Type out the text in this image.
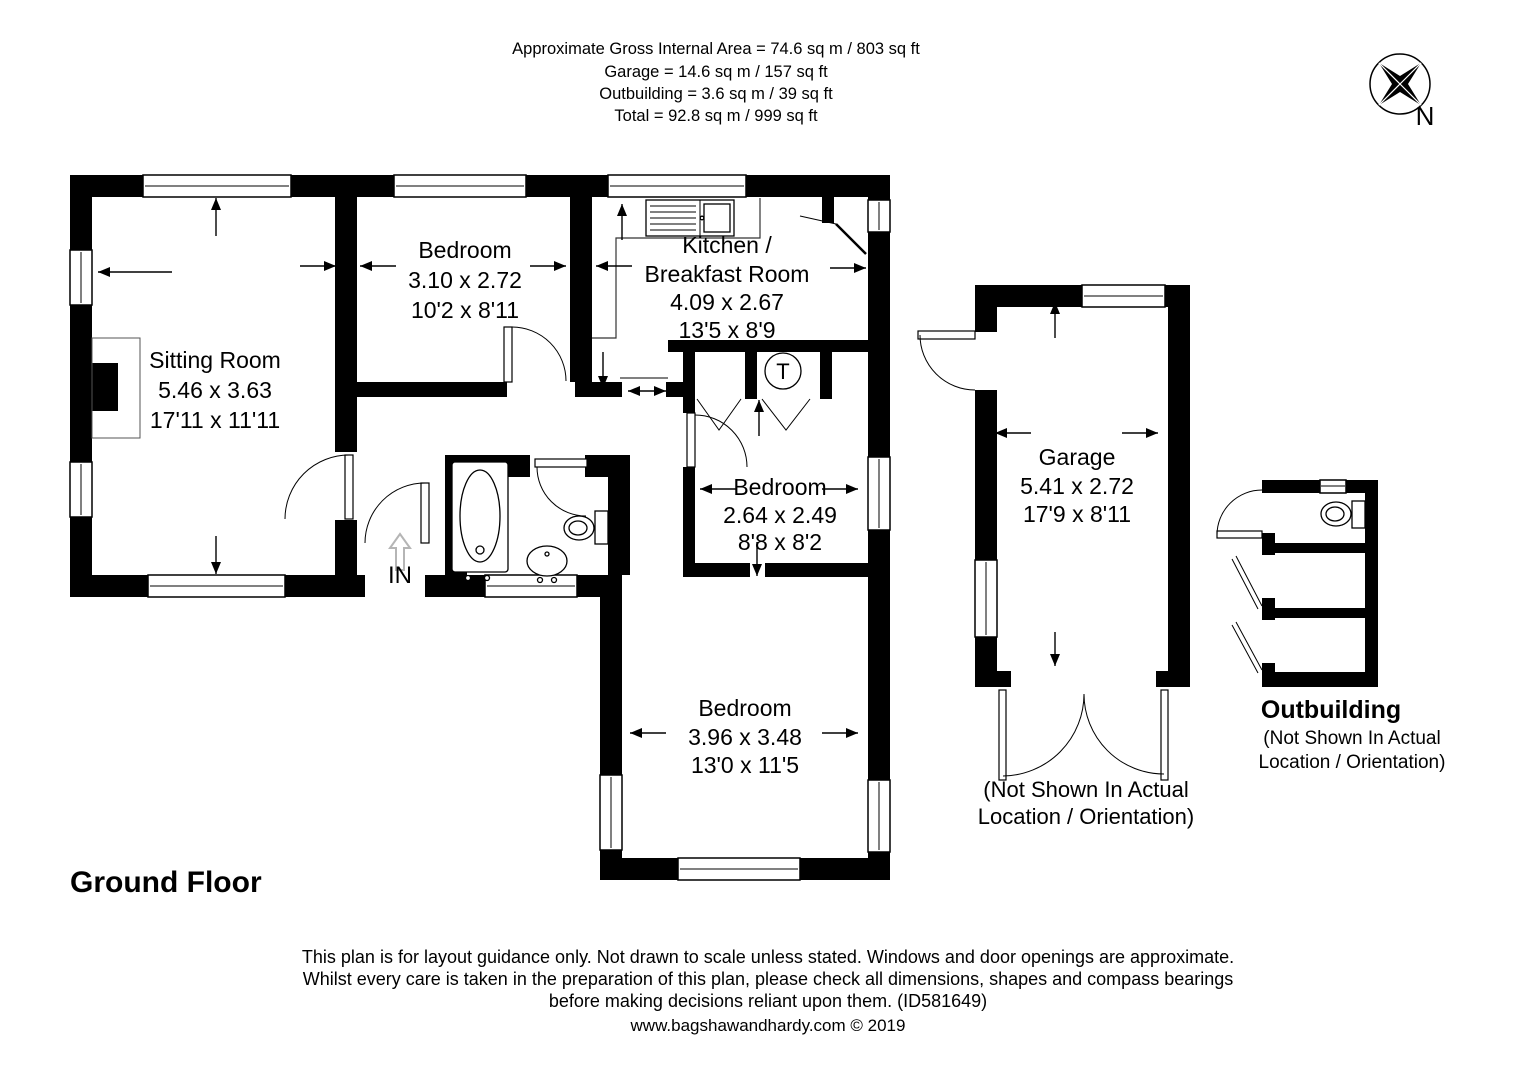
T
N
Approximate Gross Internal Area = 74.6 sq m / 803 sq ft
Garage = 14.6 sq m / 157 sq ft
Outbuilding = 3.6 sq m / 39 sq ft
Total = 92.8 sq m / 999 sq ft
Sitting Room
5.46 x 3.63
17'11 x 11'11
Bedroom
3.10 x 2.72
10'2 x 8'11
Kitchen /
Breakfast Room
4.09 x 2.67
13'5 x 8'9
Bedroom
2.64 x 2.49
8'8 x 8'2
Bedroom
3.96 x 3.48
13'0 x 11'5
Garage
5.41 x 2.72
17'9 x 8'11
(Not Shown In Actual
Location / Orientation)
Outbuilding
(Not Shown In Actual
Location / Orientation)
Ground Floor
IN
This plan is for layout guidance only. Not drawn to scale unless stated. Windows and door openings are approximate.
Whilst every care is taken in the preparation of this plan, please check all dimensions, shapes and compass bearings
before making decisions reliant upon them. (ID581649)
www.bagshawandhardy.com © 2019
